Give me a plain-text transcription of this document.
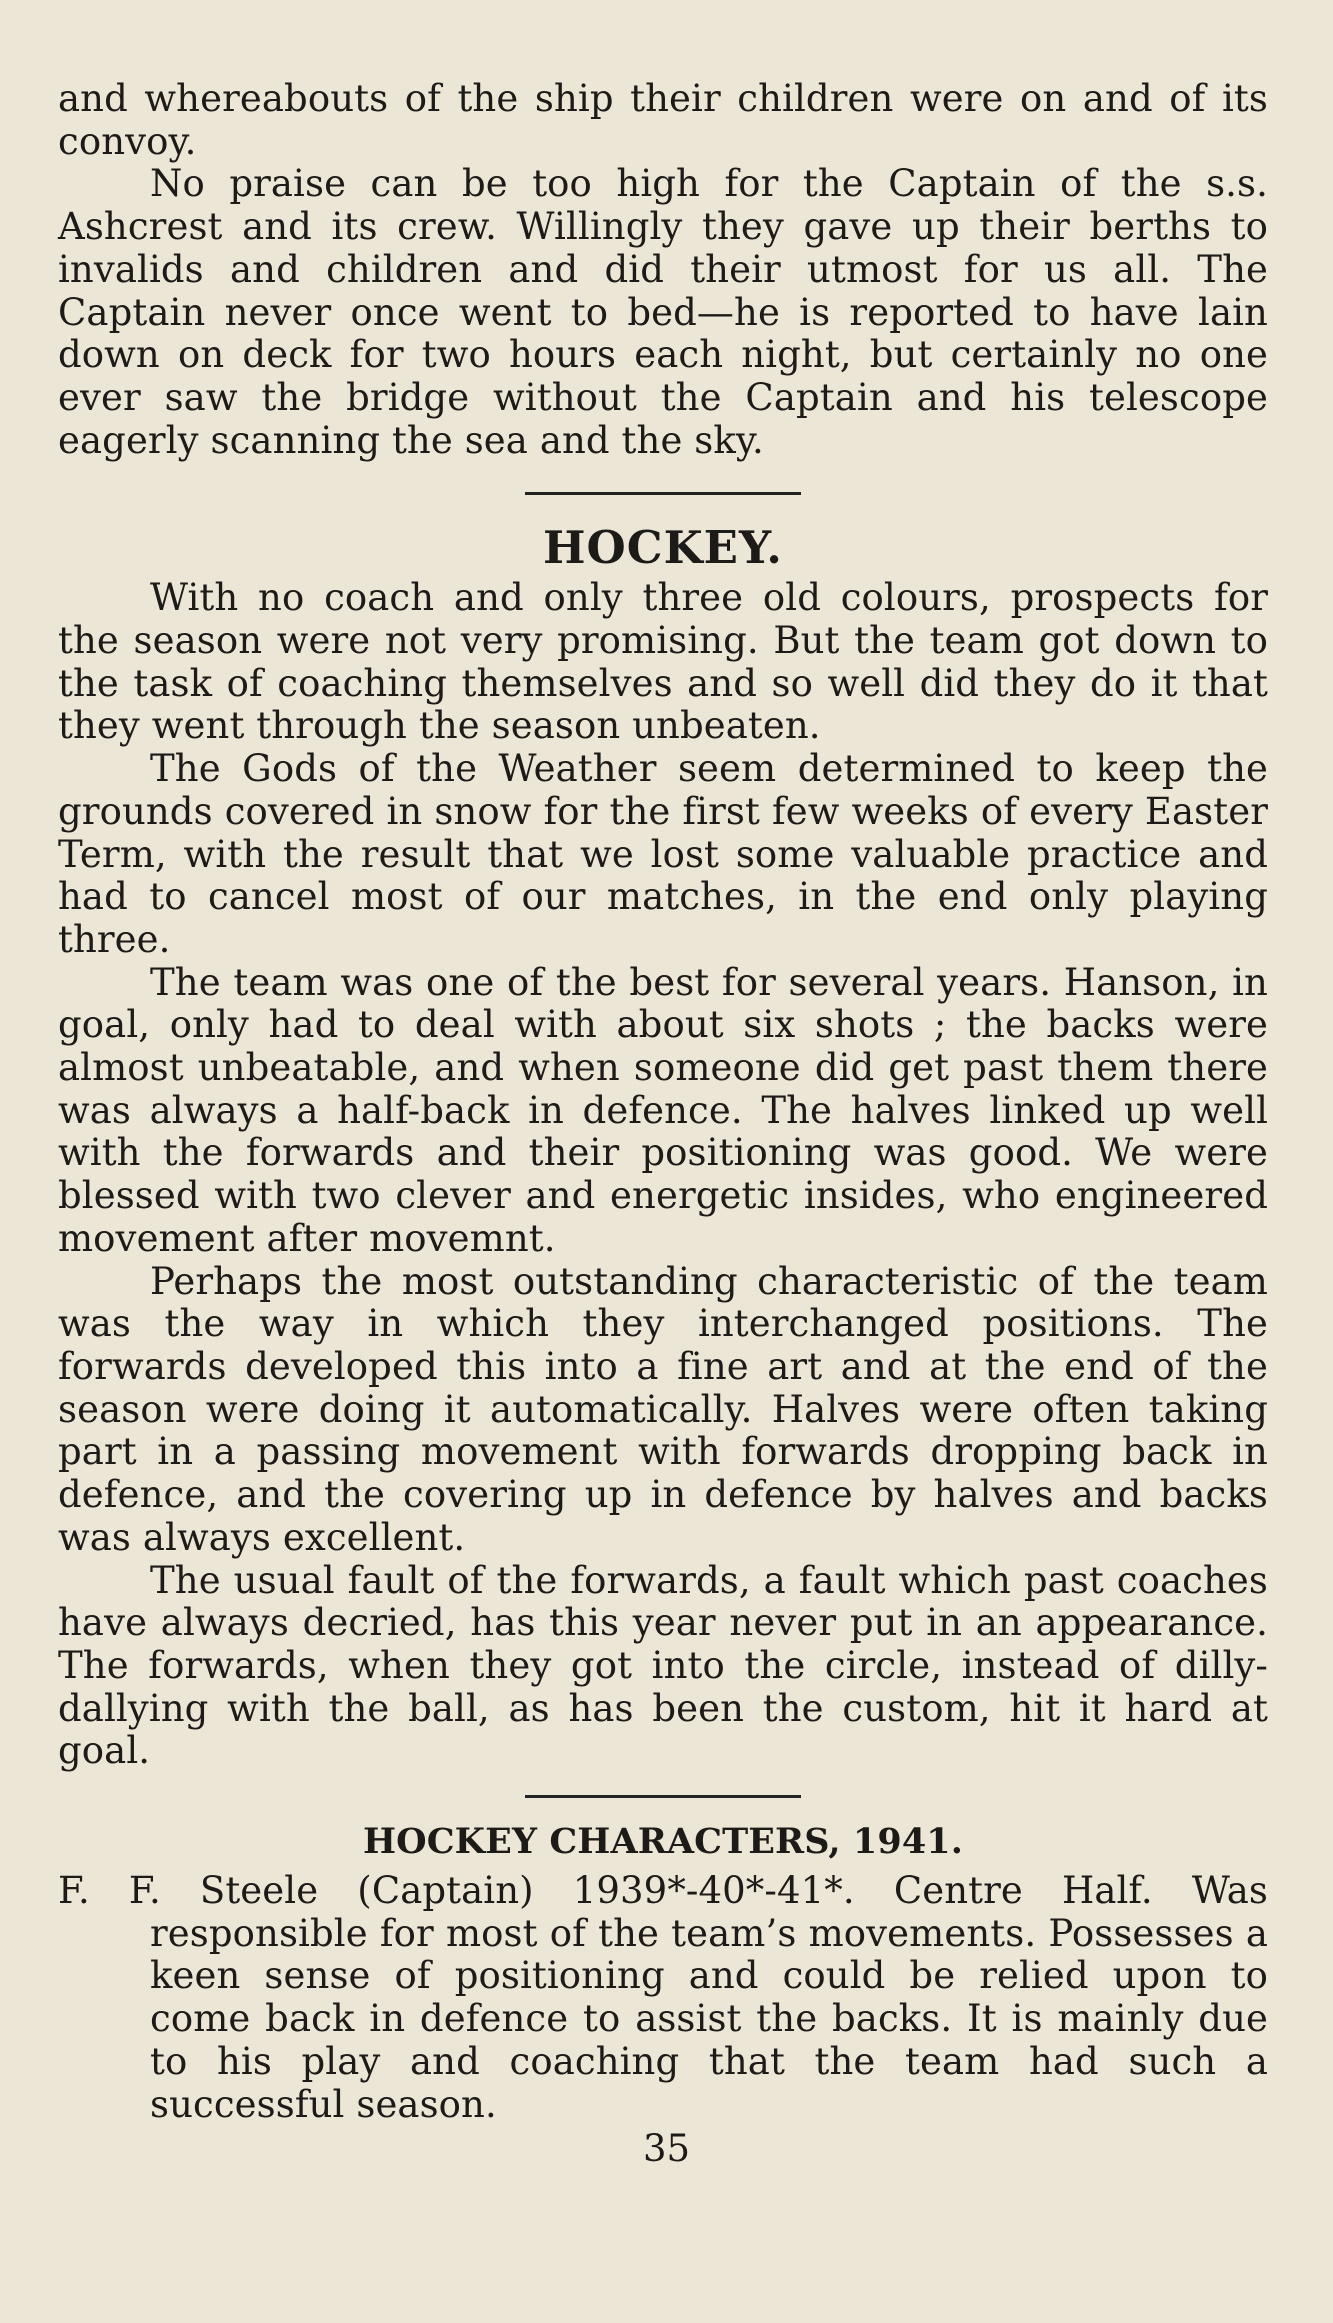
and whereabouts of the ship their children were on and of its convoy.

No praise can be too high for the Captain of the s.s. Ashcrest and its crew. Willingly they gave up their berths to invalids and children and did their utmost for us all. The Captain never once went to bed—he is reported to have lain down on deck for two hours each night, but certainly no one ever saw the bridge without the Captain and his telescope eagerly scanning the sea and the sky.

HOCKEY.

With no coach and only three old colours, prospects for the season were not very promising. But the team got down to the task of coaching themselves and so well did they do it that they went through the season unbeaten.

The Gods of the Weather seem determined to keep the grounds covered in snow for the first few weeks of every Easter Term, with the result that we lost some valuable practice and had to cancel most of our matches, in the end only playing three.

The team was one of the best for several years. Hanson, in goal, only had to deal with about six shots ; the backs were almost unbeatable, and when someone did get past them there was always a half-back in defence. The halves linked up well with the forwards and their positioning was good. We were blessed with two clever and energetic insides, who engineered movement after movemnt.

Perhaps the most outstanding characteristic of the team was the way in which they interchanged positions. The forwards developed this into a fine art and at the end of the season were doing it automatically. Halves were often taking part in a passing movement with forwards dropping back in defence, and the covering up in defence by halves and backs was always excellent.

The usual fault of the forwards, a fault which past coaches have always decried, has this year never put in an appearance. The forwards, when they got into the circle, instead of dilly-dallying with the ball, as has been the custom, hit it hard at goal.

HOCKEY CHARACTERS, 1941.

F. F. Steele (Captain) 1939*-40*-41*. Centre Half. Was responsible for most of the team’s movements. Possesses a keen sense of positioning and could be relied upon to come back in defence to assist the backs. It is mainly due to his play and coaching that the team had such a successful season.

35
